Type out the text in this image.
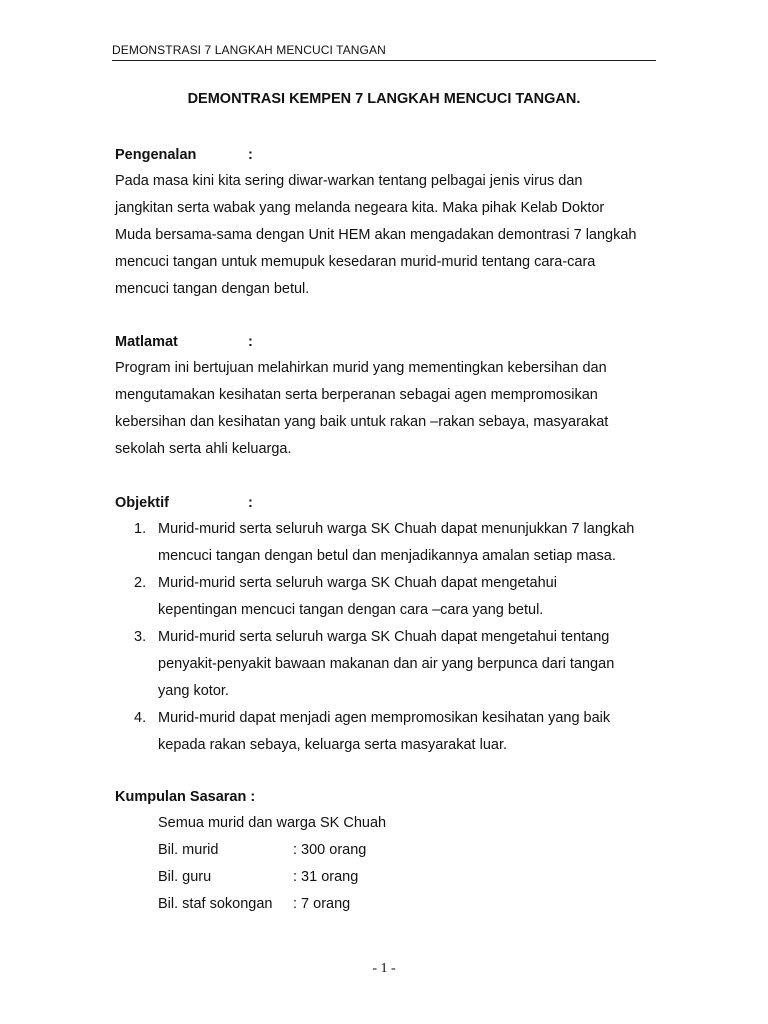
DEMONSTRASI 7 LANGKAH MENCUCI TANGAN
DEMONTRASI KEMPEN 7 LANGKAH MENCUCI TANGAN.
Pengenalan	:
Pada masa kini kita sering diwar-warkan tentang pelbagai jenis virus dan
jangkitan serta wabak yang melanda negeara kita. Maka pihak Kelab Doktor
Muda bersama-sama dengan Unit HEM akan mengadakan demontrasi 7 langkah
mencuci tangan untuk memupuk kesedaran murid-murid tentang cara-cara
mencuci tangan dengan betul.
Matlamat	:
Program ini bertujuan melahirkan murid yang mementingkan kebersihan dan
mengutamakan kesihatan serta berperanan sebagai agen mempromosikan
kebersihan dan kesihatan yang baik untuk rakan –rakan sebaya, masyarakat
sekolah serta ahli keluarga.
Objektif	:
1. Murid-murid serta seluruh warga SK Chuah dapat menunjukkan 7 langkah
mencuci tangan dengan betul dan menjadikannya amalan setiap masa.
2. Murid-murid serta seluruh warga SK Chuah dapat mengetahui
kepentingan mencuci tangan dengan cara –cara yang betul.
3. Murid-murid serta seluruh warga SK Chuah dapat mengetahui tentang
penyakit-penyakit bawaan makanan dan air yang berpunca dari tangan
yang kotor.
4. Murid-murid dapat menjadi agen mempromosikan kesihatan yang baik
kepada rakan sebaya, keluarga serta masyarakat luar.
Kumpulan Sasaran :
Semua murid dan warga SK Chuah
Bil. murid	: 300 orang
Bil. guru	: 31 orang
Bil. staf sokongan : 7 orang
- 1 -
